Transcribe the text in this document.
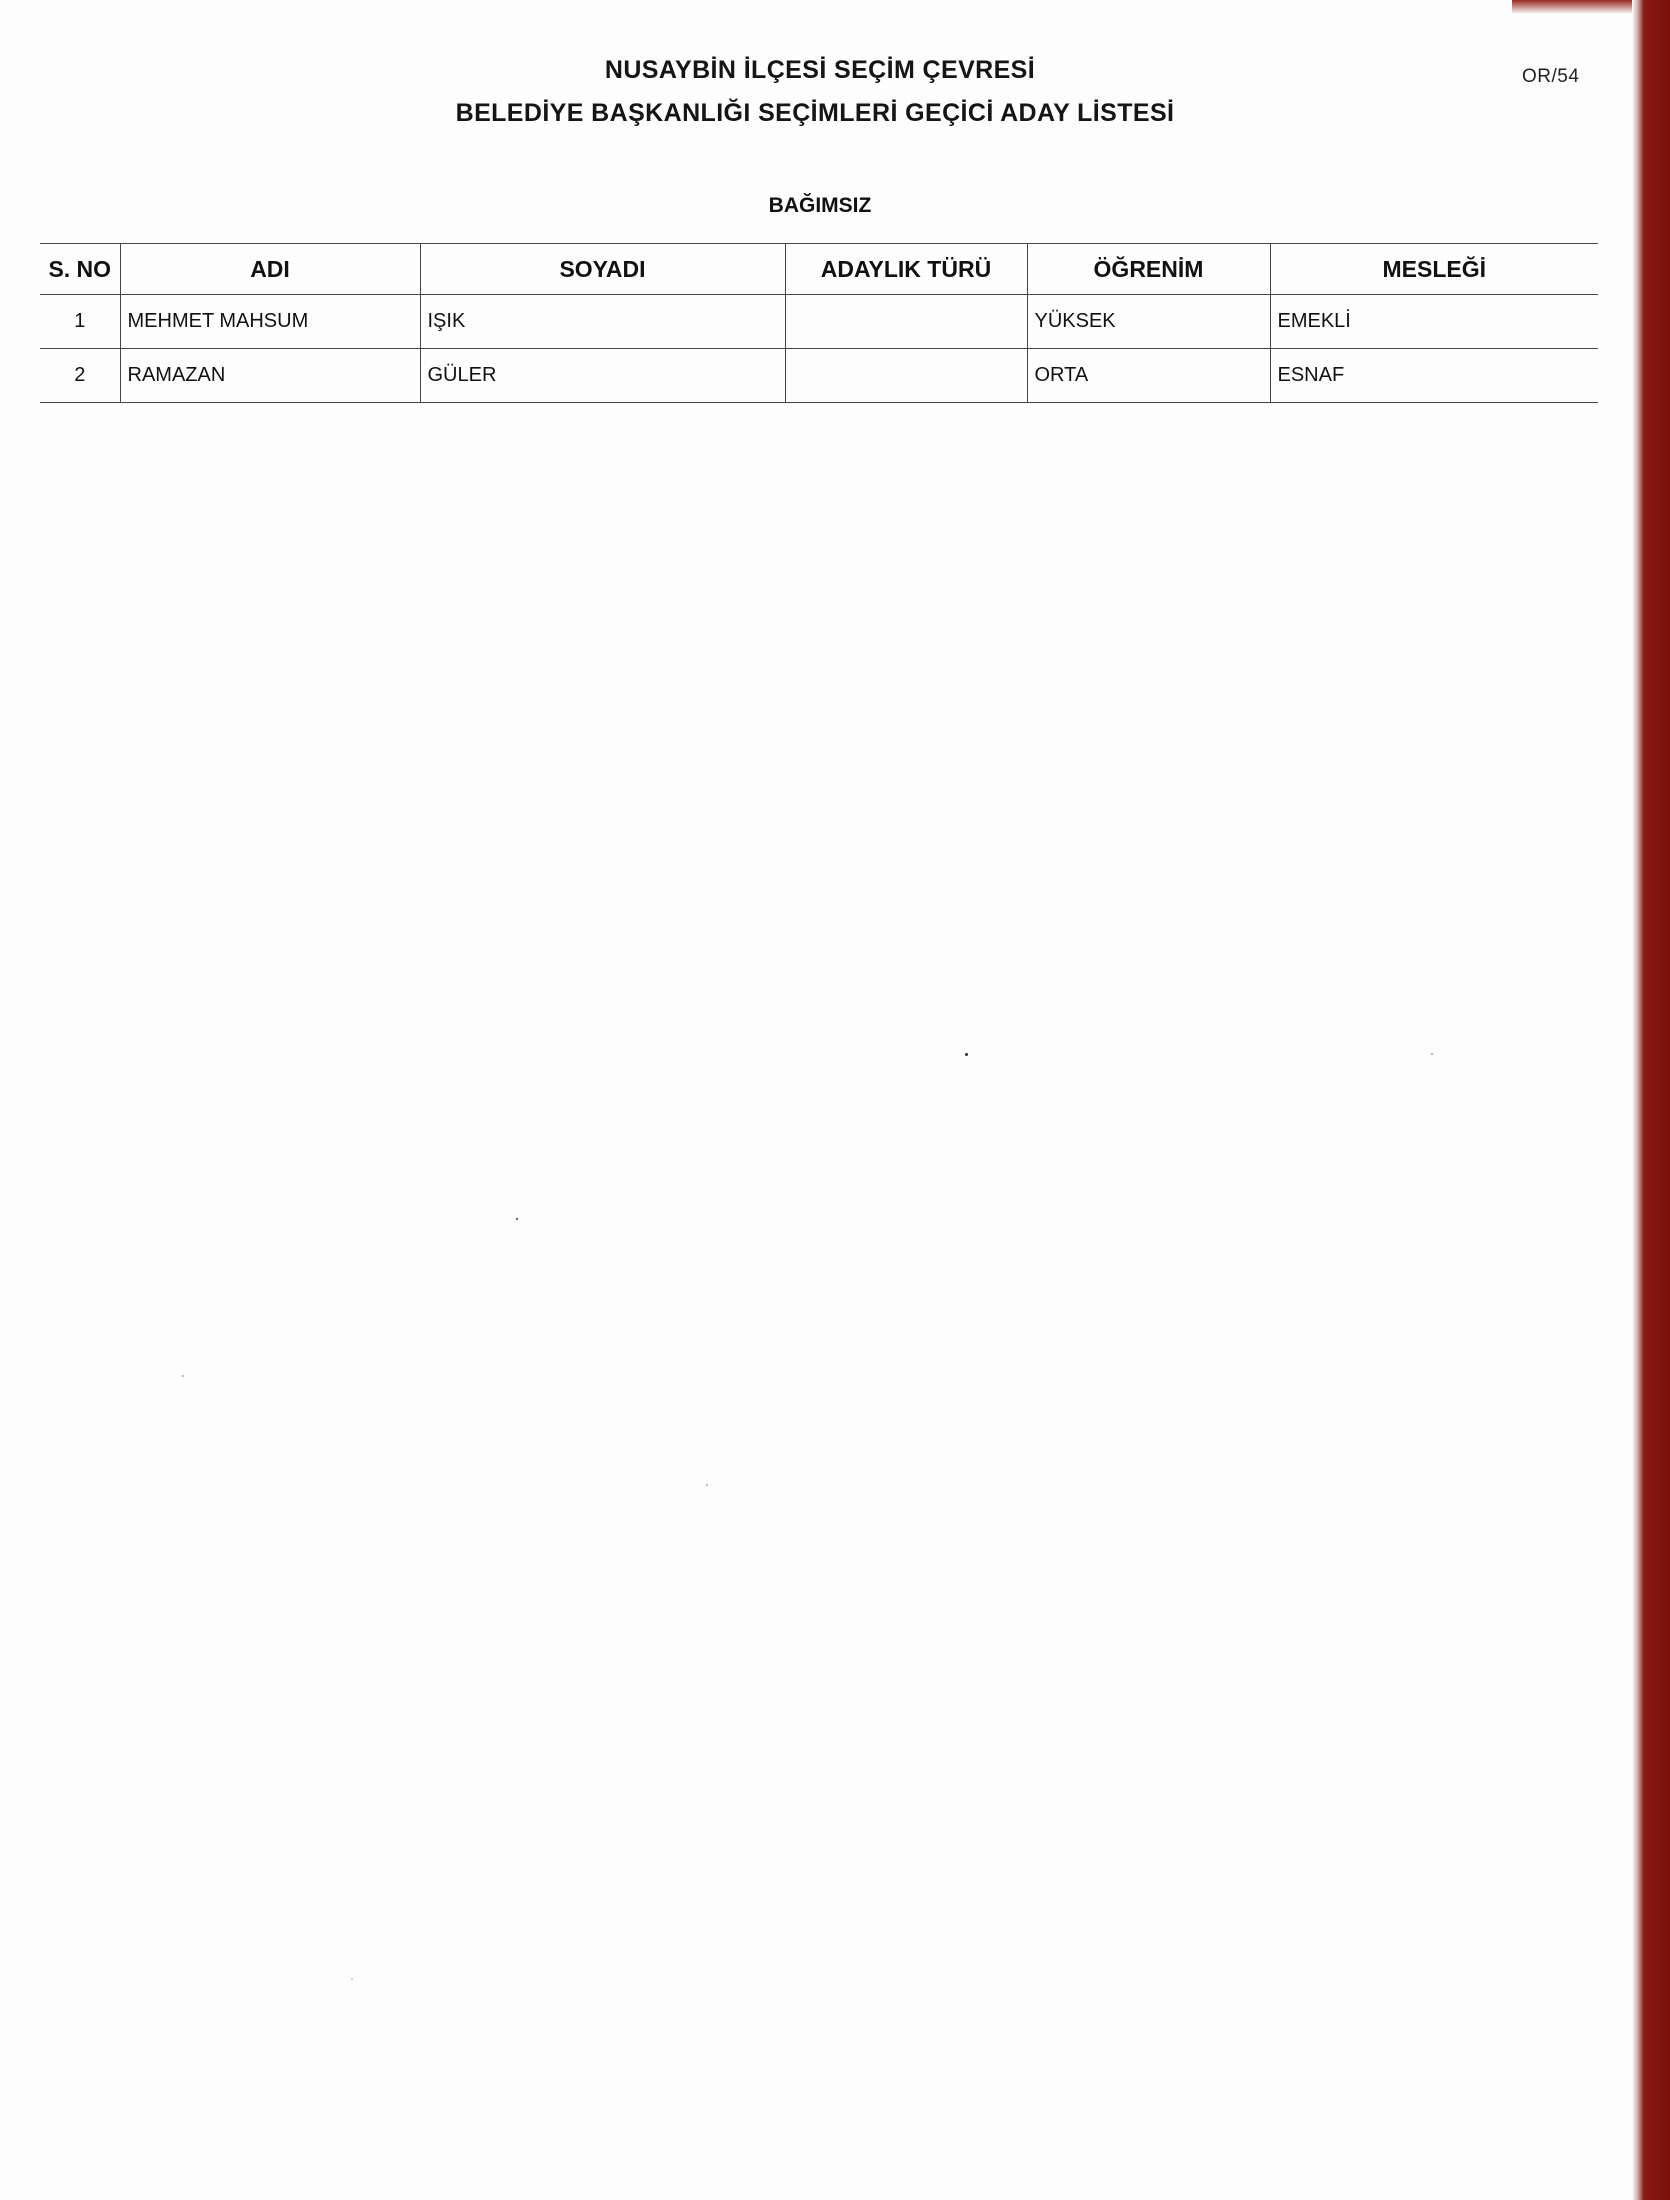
OR/54
NUSAYBİN İLÇESİ SEÇİM ÇEVRESİ
BELEDİYE BAŞKANLIĞI SEÇİMLERİ GEÇİCİ ADAY LİSTESİ
BAĞIMSIZ
S. NO	ADI	SOYADI	ADAYLIK TÜRÜ	ÖĞRENİM	MESLEĞİ
1	MEHMET MAHSUM	IŞIK		YÜKSEK	EMEKLİ
2	RAMAZAN	GÜLER		ORTA	ESNAF
